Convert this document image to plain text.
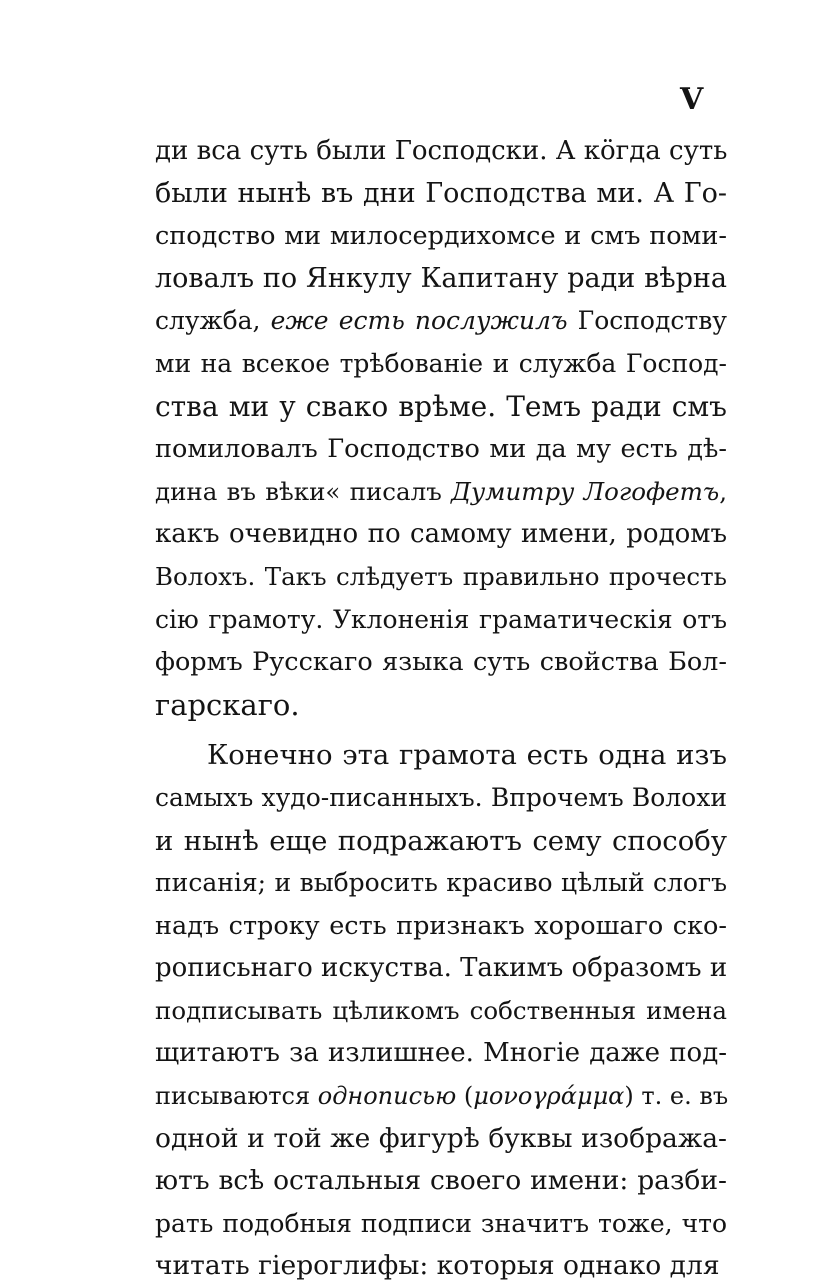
V
ди вса суть были Господски. А кӧгда суть
были нынѣ въ дни Господства ми. А Го-
сподство ми милосердихомсе и смъ поми-
ловалъ по Янкулу Капитану ради вѣрна
служба, еже есть послужилъ Господству
ми на всекое трѣбованіе и служба Господ-
ства ми у свако врѣме. Темъ ради смъ
помиловалъ Господство ми да му есть дѣ-
дина въ вѣки« писалъ Думитру Логофетъ,
какъ очевидно по самому имени, родомъ
Волохъ. Такъ слѣдуетъ правильно прочесть
сію грамоту. Уклоненія граматическія отъ
формъ Русскаго языка суть свойства Бол-
гарскаго.
Конечно эта грамота есть одна изъ
самыхъ худо-писанныхъ. Впрочемъ Волохи
и нынѣ еще подражаютъ сему способу
писанія; и выбросить красиво цѣлый слогъ
надъ строку есть признакъ хорошаго ско-
рописьнаго искуства. Такимъ образомъ и
подписывать цѣликомъ собственныя имена
щитаютъ за излишнее. Многіе даже под-
писываются однописью (μονογράμμα) т. е. въ
одной и той же фигурѣ буквы изобража-
ютъ всѣ остальныя своего имени: разби-
рать подобныя подписи значитъ тоже, что
читать гіероглифы: которыя однако для
